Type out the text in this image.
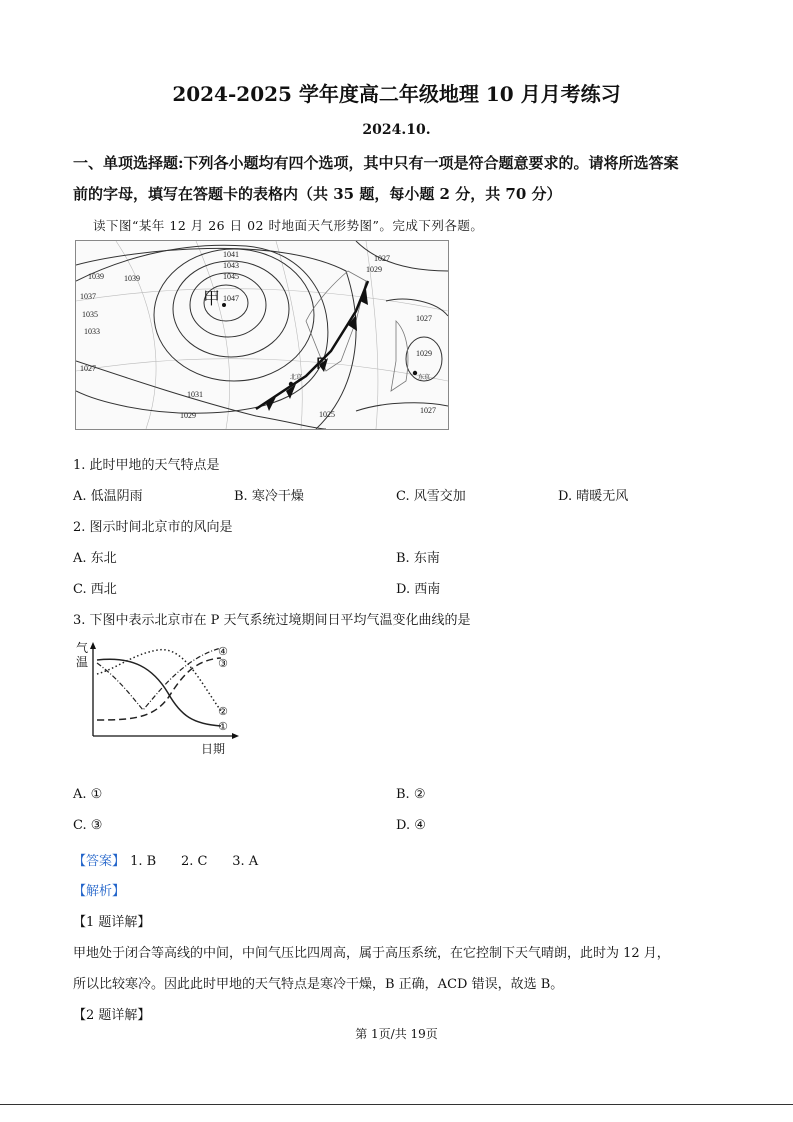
2024-2025 学年度高二年级地理 10 月月考练习
2024.10.
一、单项选择题:下列各小题均有四个选项，其中只有一项是符合题意要求的。请将所选答案
前的字母，填写在答题卡的表格内（共 35 题，每小题 2 分，共 70 分）
读下图“某年 12 月 26 日 02 时地面天气形势图”。完成下列各题。
1041
1043
1045
1047
1039	1039
1037
1035
1033
1027
1031
1029	1025
1027
1029
1027
1029
1027
甲
P
北京	东京
1. 此时甲地的天气特点是
A. 低温阴雨	B. 寒冷干燥	C. 风雪交加	D. 晴暖无风
2. 图示时间北京市的风向是
A. 东北	B. 东南
C. 西北	D. 西南
3. 下图中表示北京市在 P 天气系统过境期间日平均气温变化曲线的是
气
温
④
③
②
①
日期
A. ①	B. ②
C. ③	D. ④
【答案】 1. B      2. C      3. A
【解析】
【1 题详解】
甲地处于闭合等高线的中间，中间气压比四周高，属于高压系统，在它控制下天气晴朗，此时为 12 月，
所以比较寒冷。因此此时甲地的天气特点是寒冷干燥，B 正确，ACD 错误，故选 B。
【2 题详解】
第 1页/共 19页
